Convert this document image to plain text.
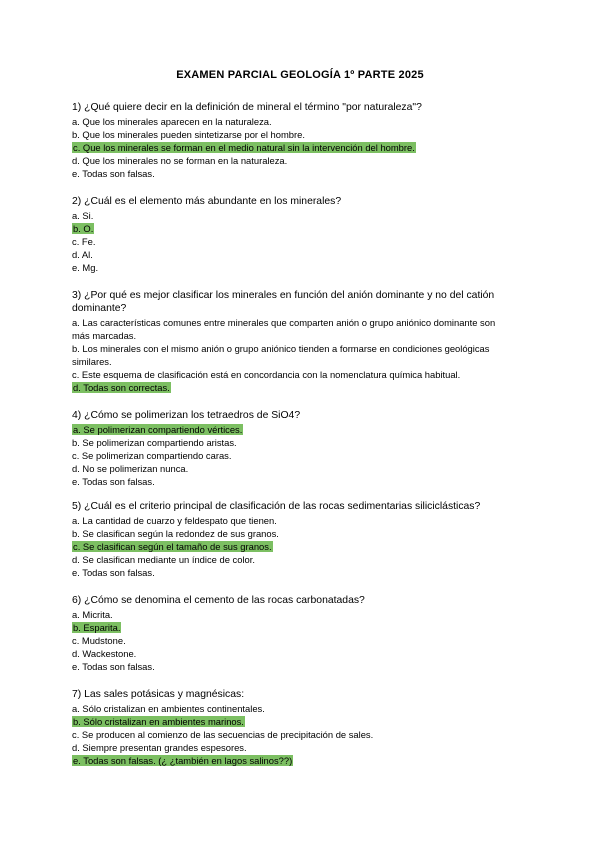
EXAMEN PARCIAL GEOLOGÍA 1º PARTE 2025
1) ¿Qué quiere decir en la definición de mineral el término "por naturaleza"?
a. Que los minerales aparecen en la naturaleza.
b. Que los minerales pueden sintetizarse por el hombre.
c. Que los minerales se forman en el medio natural sin la intervención del hombre.
d. Que los minerales no se forman en la naturaleza.
e. Todas son falsas.
2) ¿Cuál es el elemento más abundante en los minerales?
a. Si.
b. O.
c. Fe.
d. Al.
e. Mg.
3) ¿Por qué es mejor clasificar los minerales en función del anión dominante y no del catión
dominante?
a. Las características comunes entre minerales que comparten anión o grupo aniónico dominante son
más marcadas.
b. Los minerales con el mismo anión o grupo aniónico tienden a formarse en condiciones geológicas
similares.
c. Este esquema de clasificación está en concordancia con la nomenclatura química habitual.
d. Todas son correctas.
4) ¿Cómo se polimerizan los tetraedros de SiO4?
a. Se polimerizan compartiendo vértices.
b. Se polimerizan compartiendo aristas.
c. Se polimerizan compartiendo caras.
d. No se polimerizan nunca.
e. Todas son falsas.
5) ¿Cuál es el criterio principal de clasificación de las rocas sedimentarias siliciclásticas?
a. La cantidad de cuarzo y feldespato que tienen.
b. Se clasifican según la redondez de sus granos.
c. Se clasifican según el tamaño de sus granos.
d. Se clasifican mediante un índice de color.
e. Todas son falsas.
6) ¿Cómo se denomina el cemento de las rocas carbonatadas?
a. Micrita.
b. Esparita.
c. Mudstone.
d. Wackestone.
e. Todas son falsas.
7) Las sales potásicas y magnésicas:
a. Sólo cristalizan en ambientes continentales.
b. Sólo cristalizan en ambientes marinos.
c. Se producen al comienzo de las secuencias de precipitación de sales.
d. Siempre presentan grandes espesores.
e. Todas son falsas. (¿ ¿también en lagos salinos??)
